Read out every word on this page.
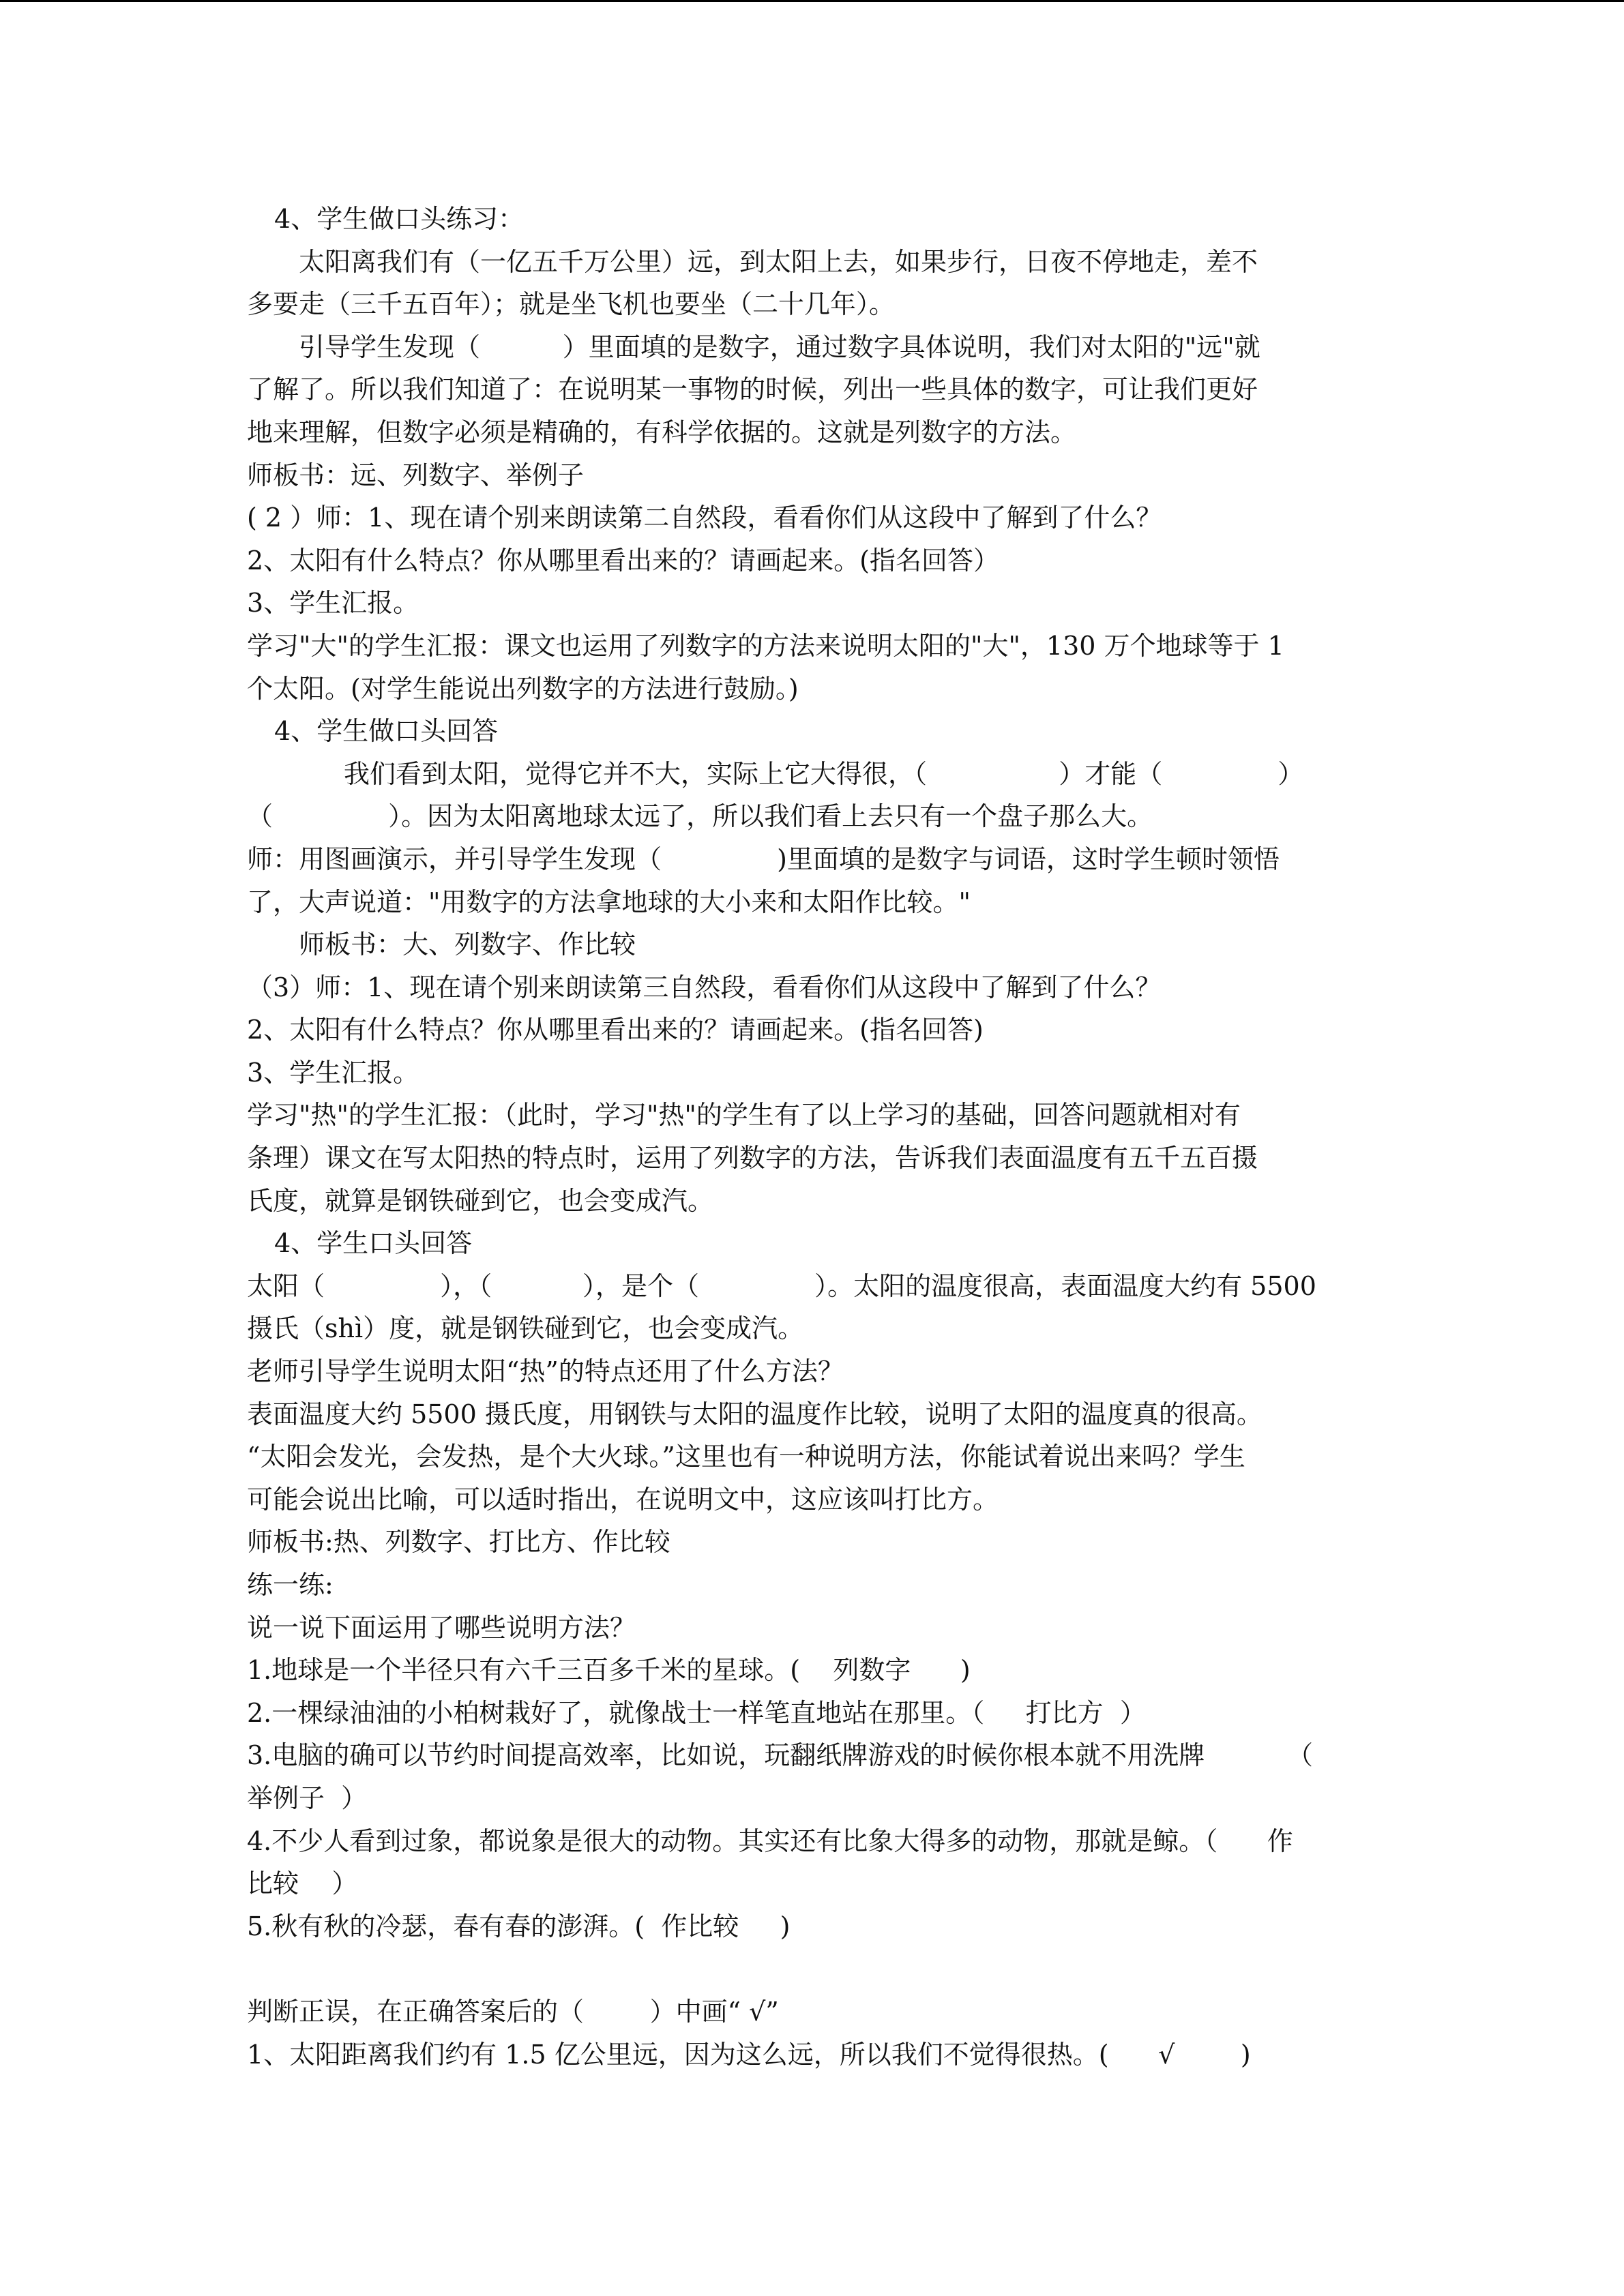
4、学生做口头练习：
太阳离我们有（一亿五千万公里）远，到太阳上去，如果步行，日夜不停地走，差不
多要走（三千五百年）；就是坐飞机也要坐（二十几年）。
引导学生发现（          ）里面填的是数字，通过数字具体说明，我们对太阳的"远"就
了解了。所以我们知道了：在说明某一事物的时候，列出一些具体的数字，可让我们更好
地来理解，但数字必须是精确的，有科学依据的。这就是列数字的方法。
师板书：远、列数字、举例子
( 2 ）师：1、现在请个别来朗读第二自然段，看看你们从这段中了解到了什么？
2、太阳有什么特点？你从哪里看出来的？请画起来。(指名回答）
3、学生汇报。
学习"大"的学生汇报：课文也运用了列数字的方法来说明太阳的"大"，130 万个地球等于 1
个太阳。(对学生能说出列数字的方法进行鼓励。)
4、学生做口头回答
我们看到太阳，觉得它并不大，实际上它大得很，（                ）才能（              ）
（              ）。因为太阳离地球太远了，所以我们看上去只有一个盘子那么大。
师：用图画演示，并引导学生发现（              )里面填的是数字与词语，这时学生顿时领悟
了，大声说道："用数字的方法拿地球的大小来和太阳作比较。"
师板书：大、列数字、作比较
（3）师：1、现在请个别来朗读第三自然段，看看你们从这段中了解到了什么？
2、太阳有什么特点？你从哪里看出来的？请画起来。(指名回答)
3、学生汇报。
学习"热"的学生汇报：（此时，学习"热"的学生有了以上学习的基础，回答问题就相对有
条理）课文在写太阳热的特点时，运用了列数字的方法，告诉我们表面温度有五千五百摄
氏度，就算是钢铁碰到它，也会变成汽。
4、学生口头回答
太阳（              ），（           ），是个（              ）。太阳的温度很高，表面温度大约有 5500
摄氏（shì）度，就是钢铁碰到它，也会变成汽。
老师引导学生说明太阳“热”的特点还用了什么方法？
表面温度大约 5500 摄氏度，用钢铁与太阳的温度作比较，说明了太阳的温度真的很高。
“太阳会发光，会发热，是个大火球。”这里也有一种说明方法，你能试着说出来吗？学生
可能会说出比喻，可以适时指出，在说明文中，这应该叫打比方。
师板书:热、列数字、打比方、作比较
练一练:
说一说下面运用了哪些说明方法？
1.地球是一个半径只有六千三百多千米的星球。(    列数字      )
2.一棵绿油油的小柏树栽好了，就像战士一样笔直地站在那里。（     打比方  ）
3.电脑的确可以节约时间提高效率，比如说，玩翻纸牌游戏的时候你根本就不用洗牌          （
举例子  ）
4.不少人看到过象，都说象是很大的动物。其实还有比象大得多的动物，那就是鲸。（      作
比较    ）
5.秋有秋的冷瑟，春有春的澎湃。(  作比较     )
判断正误，在正确答案后的（        ）中画“ √”
1、太阳距离我们约有 1.5 亿公里远，因为这么远，所以我们不觉得很热。(      √        )
